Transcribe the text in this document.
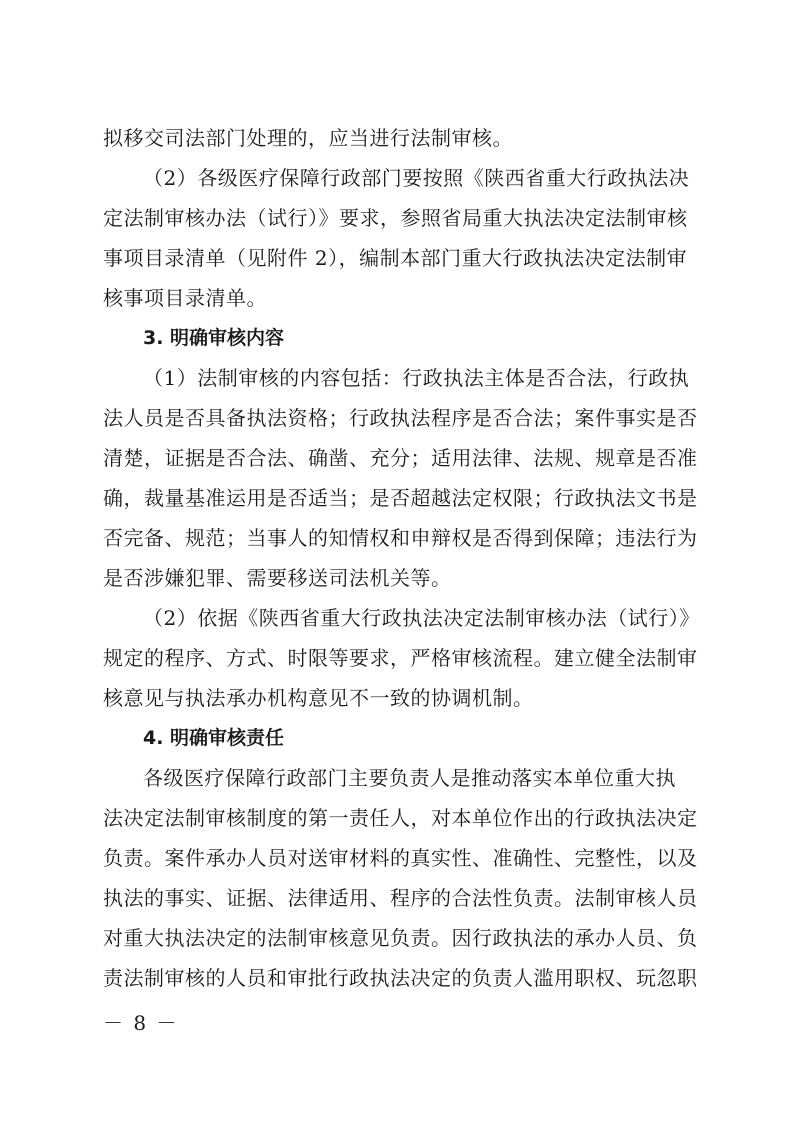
拟移交司法部门处理的，应当进行法制审核。
（2）各级医疗保障行政部门要按照《陕西省重大行政执法决
定法制审核办法（试行）》要求，参照省局重大执法决定法制审核
事项目录清单（见附件 2），编制本部门重大行政执法决定法制审
核事项目录清单。
3. 明确审核内容
（1）法制审核的内容包括：行政执法主体是否合法，行政执
法人员是否具备执法资格；行政执法程序是否合法；案件事实是否
清楚，证据是否合法、确凿、充分；适用法律、法规、规章是否准
确，裁量基准运用是否适当；是否超越法定权限；行政执法文书是
否完备、规范；当事人的知情权和申辩权是否得到保障；违法行为
是否涉嫌犯罪、需要移送司法机关等。
（2）依据《陕西省重大行政执法决定法制审核办法（试行）》
规定的程序、方式、时限等要求，严格审核流程。建立健全法制审
核意见与执法承办机构意见不一致的协调机制。
4. 明确审核责任
各级医疗保障行政部门主要负责人是推动落实本单位重大执
法决定法制审核制度的第一责任人，对本单位作出的行政执法决定
负责。案件承办人员对送审材料的真实性、准确性、完整性，以及
执法的事实、证据、法律适用、程序的合法性负责。法制审核人员
对重大执法决定的法制审核意见负责。因行政执法的承办人员、负
责法制审核的人员和审批行政执法决定的负责人滥用职权、玩忽职
－ 8 －
